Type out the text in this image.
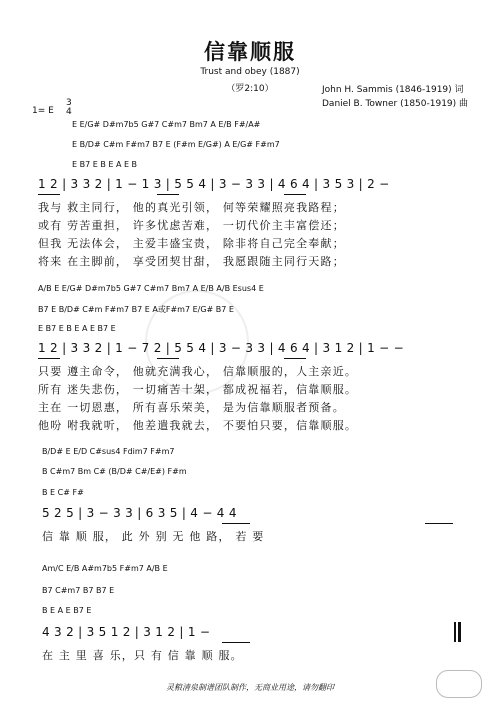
信靠顺服
Trust and obey (1887)
（罗2:10）	John H. Sammis (1846-1919) 词
Daniel B. Towner (1850-1919) 曲
1= E
3
4
E E/G# D#m7b5 G#7 C#m7 Bm7 A E/B F#/A#
E B/D# C#m F#m7 B7 E (F#m E/G#) A E/G# F#m7
E B7 E B E A E B
1 2 | 3 3 2 | 1 − 1 3 | 5 5 4 | 3 − 3 3 | 4 6 4 | 3 5 3 | 2 −
我与 救主同行， 他的真光引领， 何等荣耀照亮我路程；
或有 劳苦重担， 许多忧虑苦难， 一切代价主丰富偿还；
但我 无法体会， 主爱丰盛宝贵， 除非将自己完全奉献；
将来 在主脚前， 享受团契甘甜， 我愿跟随主同行天路；
A/B E E/G# D#m7b5 G#7 C#m7 Bm7 A E/B A/B Esus4 E
B7 E B/D# C#m F#m7 B7 E A或F#m7 E/G# B7 E
E B7 E B E A E B7 E
1 2 | 3 3 2 | 1 − 7 2 | 5 5 4 | 3 − 3 3 | 4 6 4 | 3 1 2 | 1 − −
只要 遵主命令， 他就充满我心， 信靠顺服的，人主亲近。
所有 迷失悲伤， 一切痛苦十架， 都成祝福若，信靠顺服。
主在 一切恩惠， 所有喜乐荣美， 是为信靠顺服者预备。
他吩 咐我就听， 他差遣我就去， 不要怕只要，信靠顺服。
B/D# E E/D C#sus4 Fdim7 F#m7
B C#m7 Bm C# (B/D# C#/E#) F#m
B E C# F#
5 2 5 | 3 − 3 3 | 6 3 5 | 4 − 4 4
信 靠 顺 服， 此 外 别 无 他 路， 若 要
Am/C E/B A#m7b5 F#m7 A/B E
B7 C#m7 B7 B7 E
B E A E B7 E
4 3 2 | 3 5 1 2 | 3 1 2 | 1 −
在 主 里 喜 乐，只 有 信 靠 顺 服。
灵粮清泉制谱团队制作，无商业用途，请勿翻印
